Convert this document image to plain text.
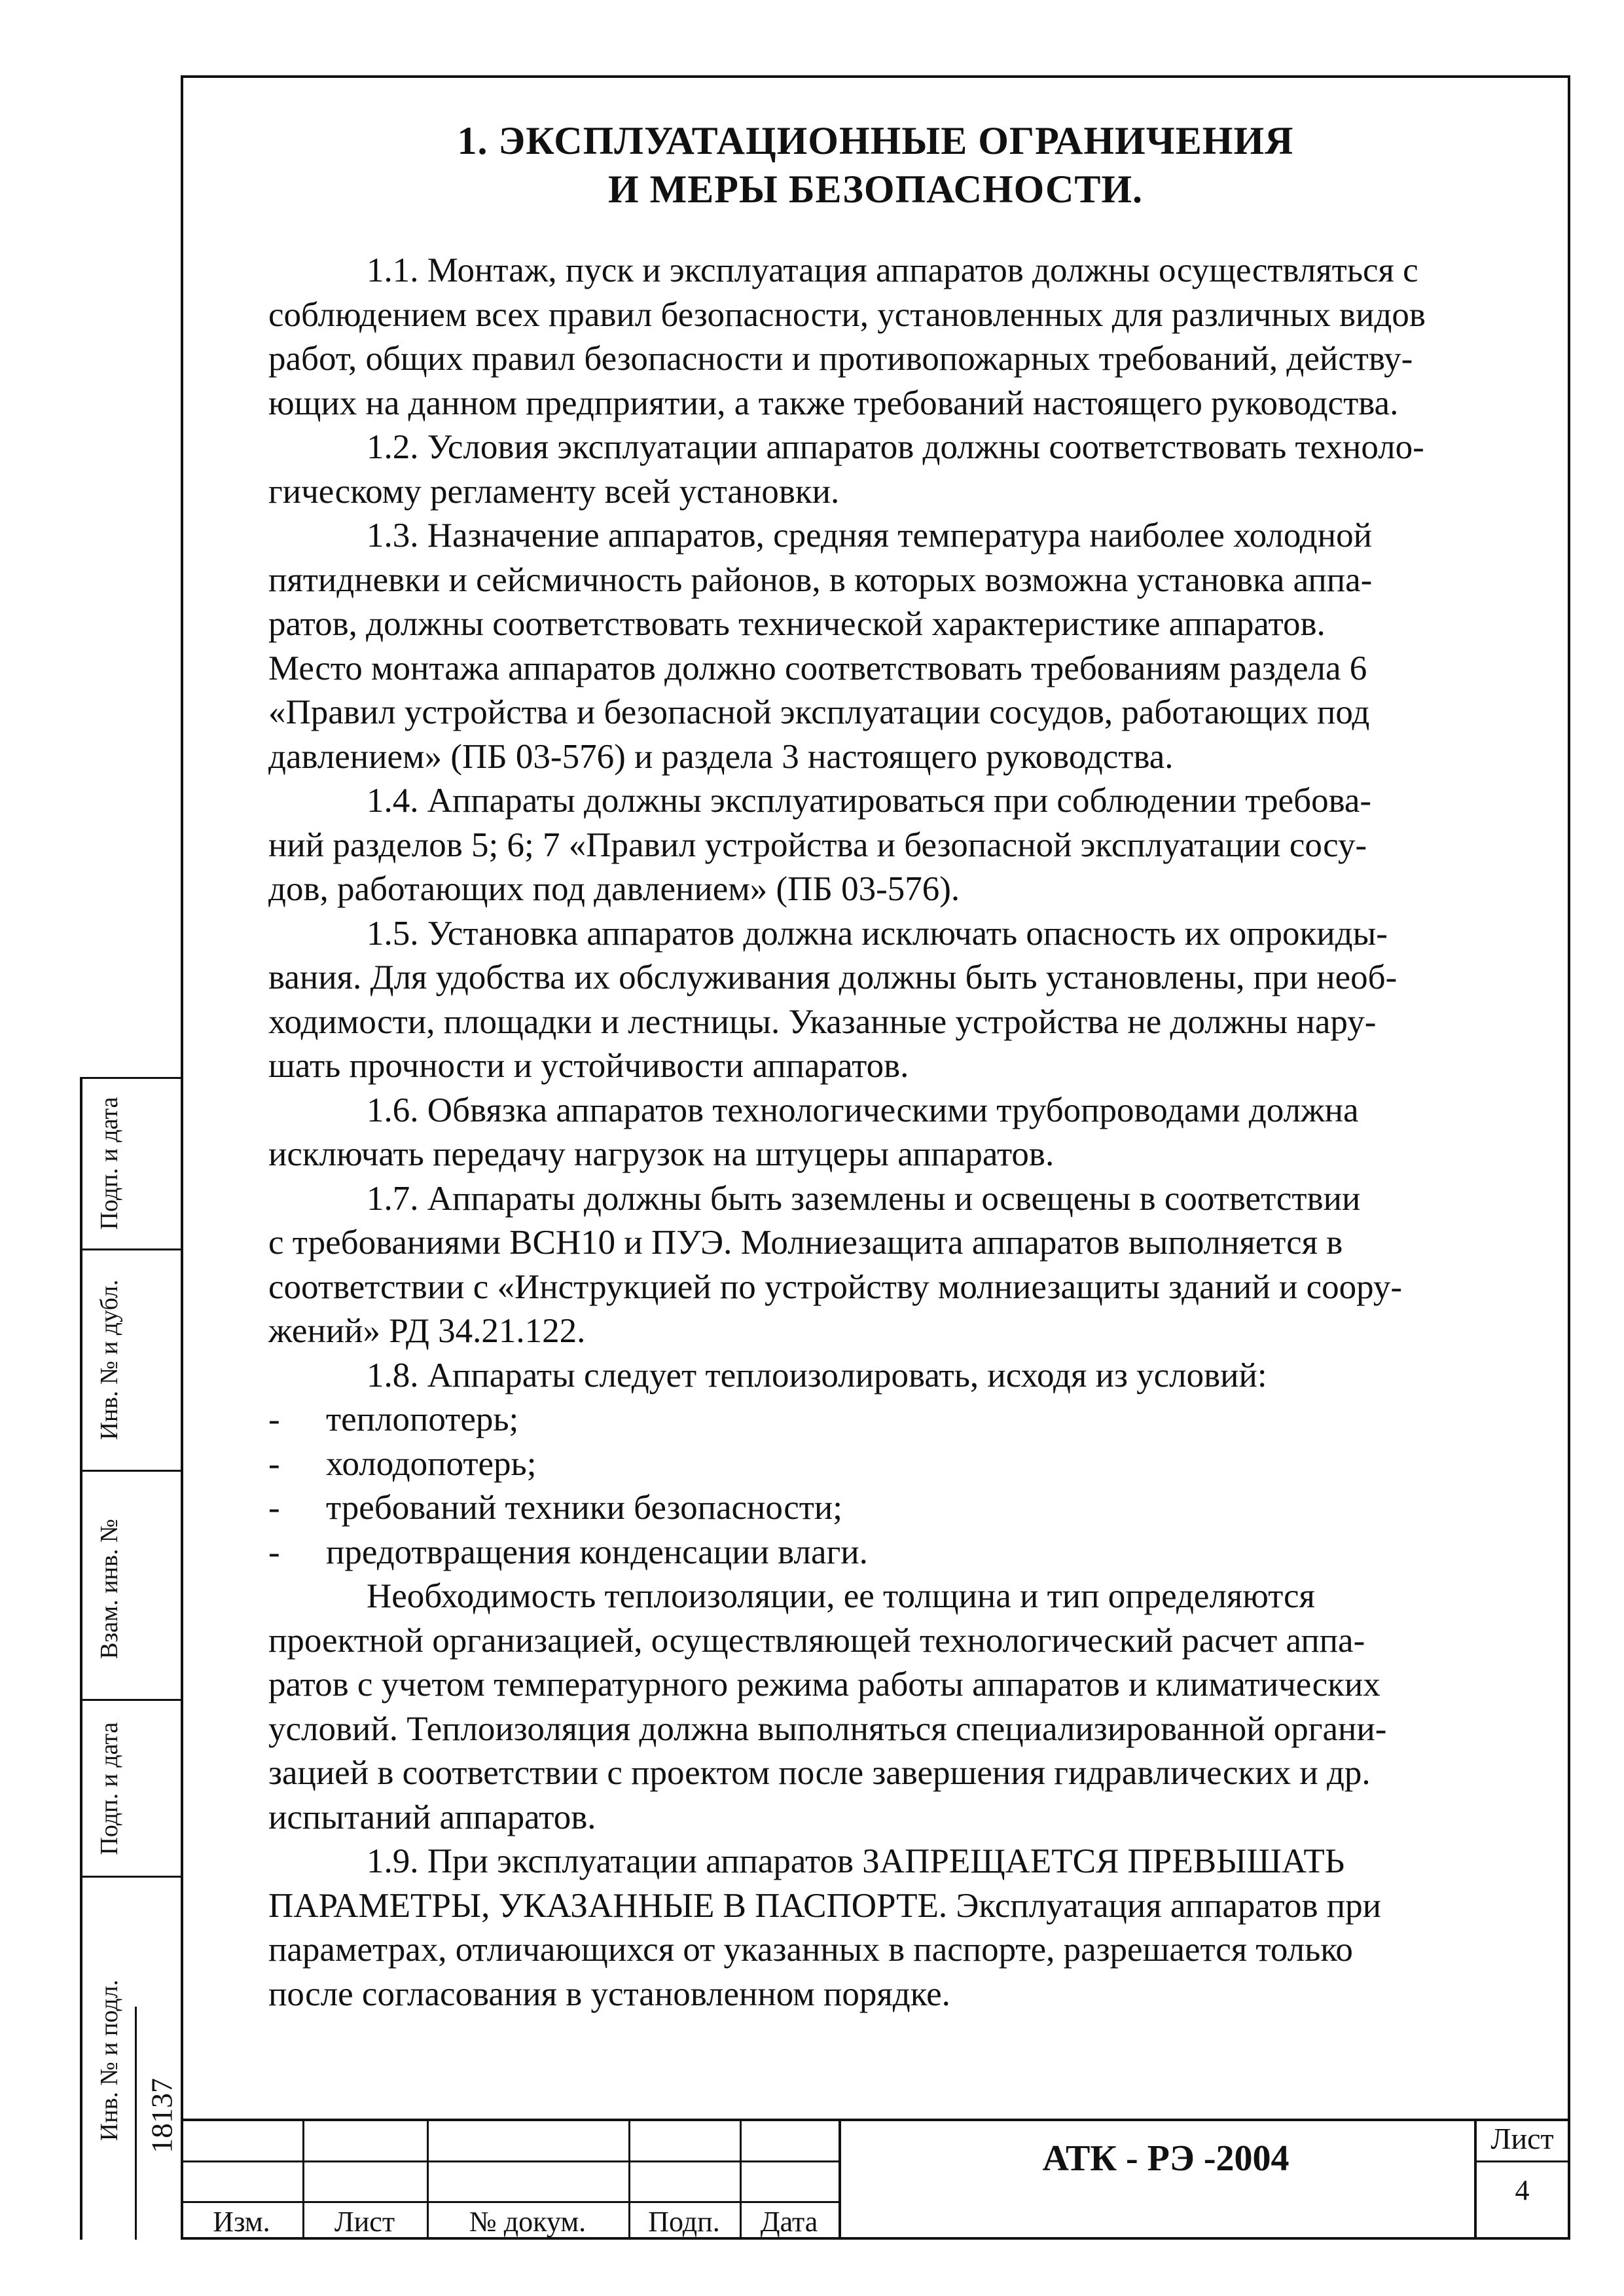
1. ЭКСПЛУАТАЦИОННЫЕ ОГРАНИЧЕНИЯ
И МЕРЫ БЕЗОПАСНОСТИ.
1.1. Монтаж, пуск и эксплуатация аппаратов должны осуществляться с
соблюдением всех правил безопасности, установленных для различных видов
работ, общих правил безопасности и противопожарных требований, действу-
ющих на данном предприятии, а также требований настоящего руководства.
1.2. Условия эксплуатации аппаратов должны соответствовать техноло-
гическому регламенту всей установки.
1.3. Назначение аппаратов, средняя температура наиболее холодной
пятидневки и сейсмичность районов, в которых возможна установка аппа-
ратов, должны соответствовать технической характеристике аппаратов.
Место монтажа аппаратов должно соответствовать требованиям раздела 6
«Правил устройства и безопасной эксплуатации сосудов, работающих под
давлением» (ПБ 03-576) и раздела 3 настоящего руководства.
1.4. Аппараты должны эксплуатироваться при соблюдении требова-
ний разделов 5; 6; 7 «Правил устройства и безопасной эксплуатации сосу-
дов, работающих под давлением» (ПБ 03-576).
1.5. Установка аппаратов должна исключать опасность их опрокиды-
вания. Для удобства их обслуживания должны быть установлены, при необ-
ходимости, площадки и лестницы. Указанные устройства не должны нару-
шать прочности и устойчивости аппаратов.
1.6. Обвязка аппаратов технологическими трубопроводами должна
исключать передачу нагрузок на штуцеры аппаратов.
1.7. Аппараты должны быть заземлены и освещены в соответствии
с требованиями ВСН10 и ПУЭ. Молниезащита аппаратов выполняется в
соответствии с «Инструкцией по устройству молниезащиты зданий и соору-
жений» РД 34.21.122.
1.8. Аппараты следует теплоизолировать, исходя из условий:
- теплопотерь;
- холодопотерь;
- требований техники безопасности;
- предотвращения конденсации влаги.
Необходимость теплоизоляции, ее толщина и тип определяются
проектной организацией, осуществляющей технологический расчет аппа-
ратов с учетом температурного режима работы аппаратов и климатических
условий. Теплоизоляция должна выполняться специализированной органи-
зацией в соответствии с проектом после завершения гидравлических и др.
испытаний аппаратов.
1.9. При эксплуатации аппаратов ЗАПРЕЩАЕТСЯ ПРЕВЫШАТЬ
ПАРАМЕТРЫ, УКАЗАННЫЕ В ПАСПОРТЕ. Эксплуатация аппаратов при
параметрах, отличающихся от указанных в паспорте, разрешается только
после согласования в установленном порядке.
Подп. и дата
Инв. № и дубл.
Взам. инв. №
Подп. и дата
Инв. № и подл. 18137
Изм.	Лист	№ докум.	Подп.	Дата
АТК - РЭ -2004	Лист
4
